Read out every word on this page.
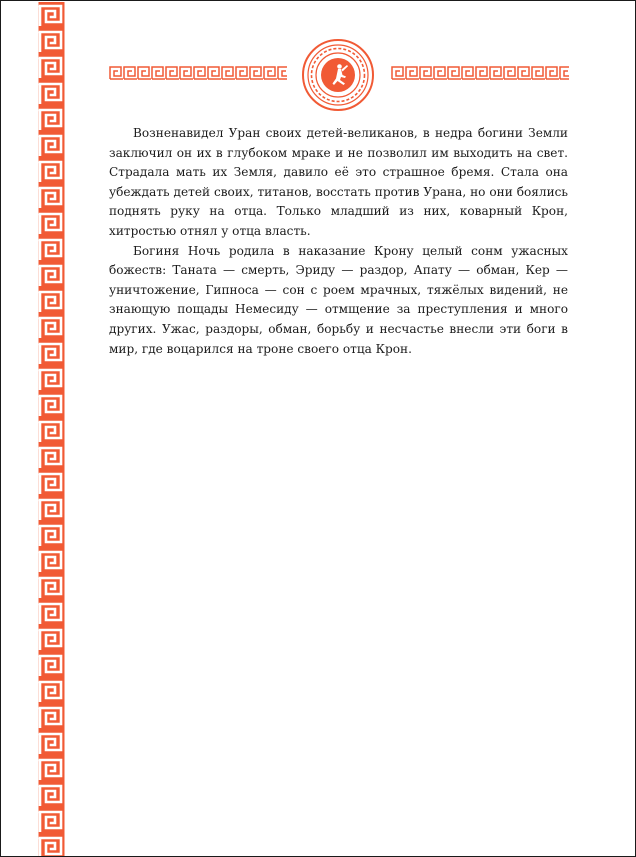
Возненавидел Уран своих детей-великанов, в недра богини Земли заключил он их в глубоком мраке и не позволил им выходить на свет. Страдала мать их Земля, давило её это страшное бремя. Стала она убеждать детей своих, титанов, восстать против Урана, но они боялись поднять руку на отца. Только младший из них, коварный Крон, хитростью отнял у отца власть.

Богиня Ночь родила в наказание Крону целый сонм ужасных божеств: Таната — смерть, Эриду — раздор, Апату — обман, Кер — уничтожение, Гипноса — сон с роем мрачных, тяжёлых видений, не знающую пощады Немесиду — отмщение за преступления и много других. Ужас, раздоры, обман, борьбу и несчастье внесли эти боги в мир, где воцарился на троне своего отца Крон.
